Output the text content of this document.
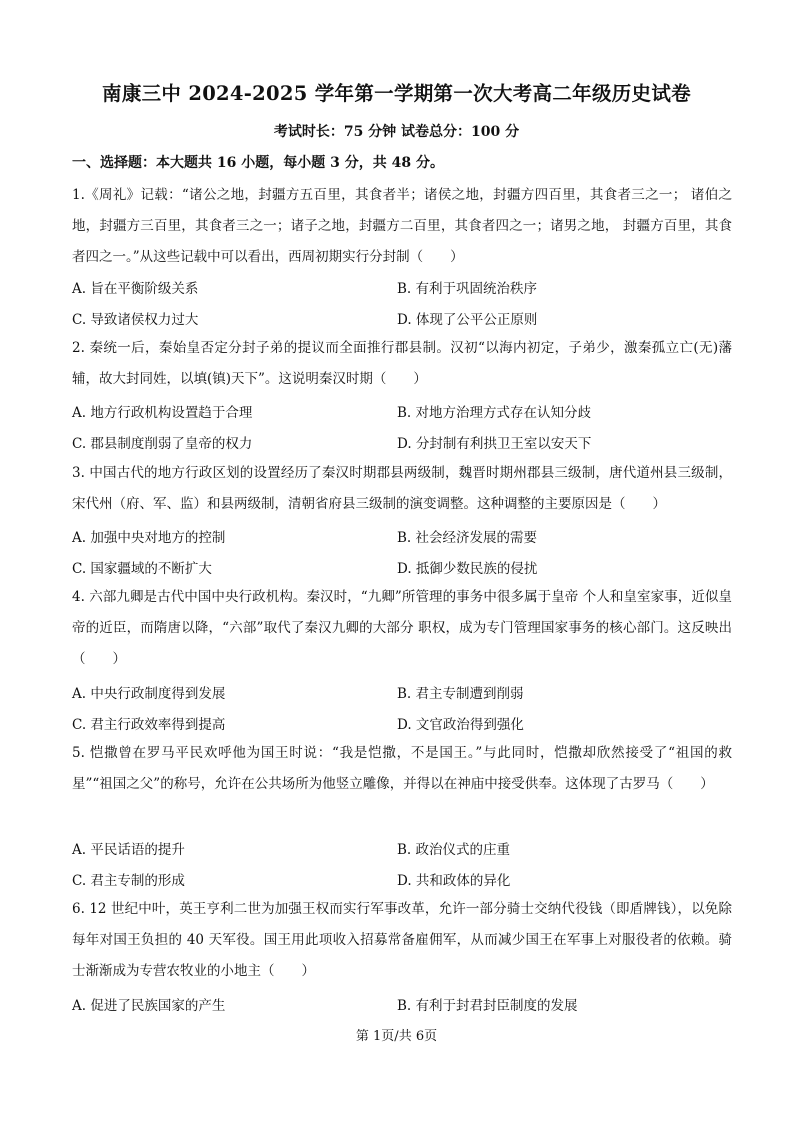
南康三中 2024-2025 学年第一学期第一次大考高二年级历史试卷
考试时长：75 分钟 试卷总分：100 分
一、选择题：本大题共 16 小题，每小题 3 分，共 48 分。
1.《周礼》记载：“诸公之地，封疆方五百里，其食者半；诸侯之地，封疆方四百里，其食者三之一； 诸伯之地，封疆方三百里，其食者三之一；诸子之地，封疆方二百里，其食者四之一；诸男之地， 封疆方百里，其食者四之一。”从这些记载中可以看出，西周初期实行分封制（　　）
A. 旨在平衡阶级关系	B. 有利于巩固统治秩序
C. 导致诸侯权力过大	D. 体现了公平公正原则
2. 秦统一后，秦始皇否定分封子弟的提议而全面推行郡县制。汉初“以海内初定，子弟少，激秦孤立亡(无)藩辅，故大封同姓，以填(镇)天下”。这说明秦汉时期（　　）
A. 地方行政机构设置趋于合理	B. 对地方治理方式存在认知分歧
C. 郡县制度削弱了皇帝的权力	D. 分封制有利拱卫王室以安天下
3. 中国古代的地方行政区划的设置经历了秦汉时期郡县两级制，魏晋时期州郡县三级制，唐代道州县三级制，宋代州（府、军、监）和县两级制，清朝省府县三级制的演变调整。这种调整的主要原因是（　　）
A. 加强中央对地方的控制	B. 社会经济发展的需要
C. 国家疆域的不断扩大	D. 抵御少数民族的侵扰
4. 六部九卿是古代中国中央行政机构。秦汉时，“九卿”所管理的事务中很多属于皇帝 个人和皇室家事，近似皇帝的近臣，而隋唐以降，“六部”取代了秦汉九卿的大部分 职权，成为专门管理国家事务的核心部门。这反映出（　　）
A. 中央行政制度得到发展	B. 君主专制遭到削弱
C. 君主行政效率得到提高	D. 文官政治得到强化
5. 恺撒曾在罗马平民欢呼他为国王时说：“我是恺撒，不是国王。”与此同时，恺撒却欣然接受了“祖国的救星”“祖国之父”的称号，允许在公共场所为他竖立雕像，并得以在神庙中接受供奉。这体现了古罗马（　　）
A. 平民话语的提升	B. 政治仪式的庄重
C. 君主专制的形成	D. 共和政体的异化
6. 12 世纪中叶，英王亨利二世为加强王权而实行军事改革，允许一部分骑士交纳代役钱（即盾牌钱），以免除每年对国王负担的 40 天军役。国王用此项收入招募常备雇佣军，从而减少国王在军事上对服役者的依赖。骑士渐渐成为专营农牧业的小地主（　　）
A. 促进了民族国家的产生	B. 有利于封君封臣制度的发展
第 1页/共 6页
